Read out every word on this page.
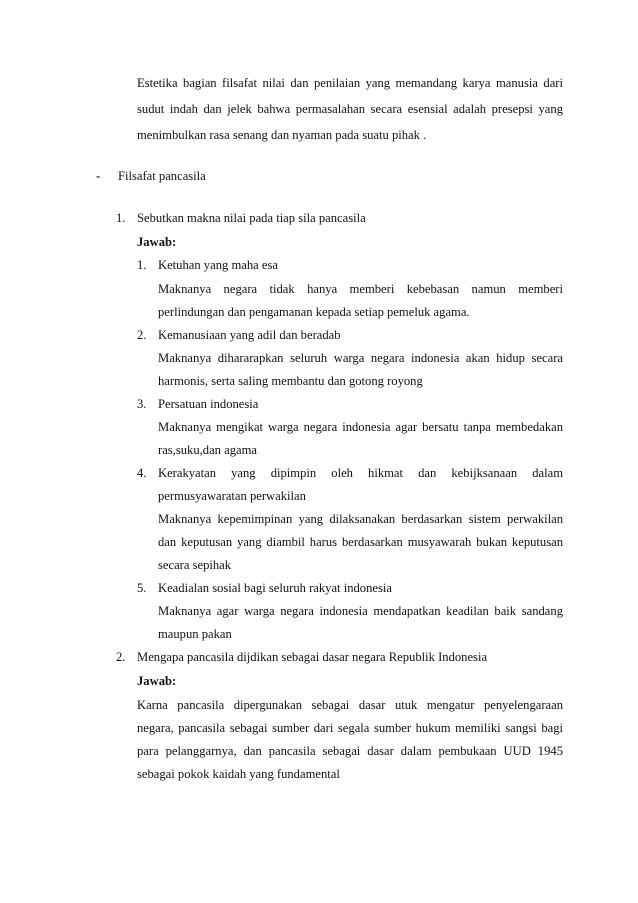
Estetika bagian filsafat nilai dan penilaian yang memandang karya manusia dari
sudut indah dan jelek bahwa permasalahan secara esensial adalah presepsi yang
menimbulkan rasa senang dan nyaman pada suatu pihak .
- Filsafat pancasila
1. Sebutkan makna nilai pada tiap sila pancasila
Jawab:
1. Ketuhan yang maha esa
Maknanya negara tidak hanya memberi kebebasan namun memberi
perlindungan dan pengamanan kepada setiap pemeluk agama.
2. Kemanusiaan yang adil dan beradab
Maknanya dihararapkan seluruh warga negara indonesia akan hidup secara
harmonis, serta saling membantu dan gotong royong
3. Persatuan indonesia
Maknanya mengikat warga negara indonesia agar bersatu tanpa membedakan
ras,suku,dan agama
4. Kerakyatan yang dipimpin oleh hikmat dan kebijksanaan dalam
permusyawaratan perwakilan
Maknanya kepemimpinan yang dilaksanakan berdasarkan sistem perwakilan
dan keputusan yang diambil harus berdasarkan musyawarah bukan keputusan
secara sepihak
5. Keadialan sosial bagi seluruh rakyat indonesia
Maknanya agar warga negara indonesia mendapatkan keadilan baik sandang
maupun pakan
2. Mengapa pancasila dijdikan sebagai dasar negara Republik Indonesia
Jawab:
Karna pancasila dipergunakan sebagai dasar utuk mengatur penyelengaraan
negara, pancasila sebagai sumber dari segala sumber hukum memiliki sangsi bagi
para pelanggarnya, dan pancasila sebagai dasar dalam pembukaan UUD 1945
sebagai pokok kaidah yang fundamental
